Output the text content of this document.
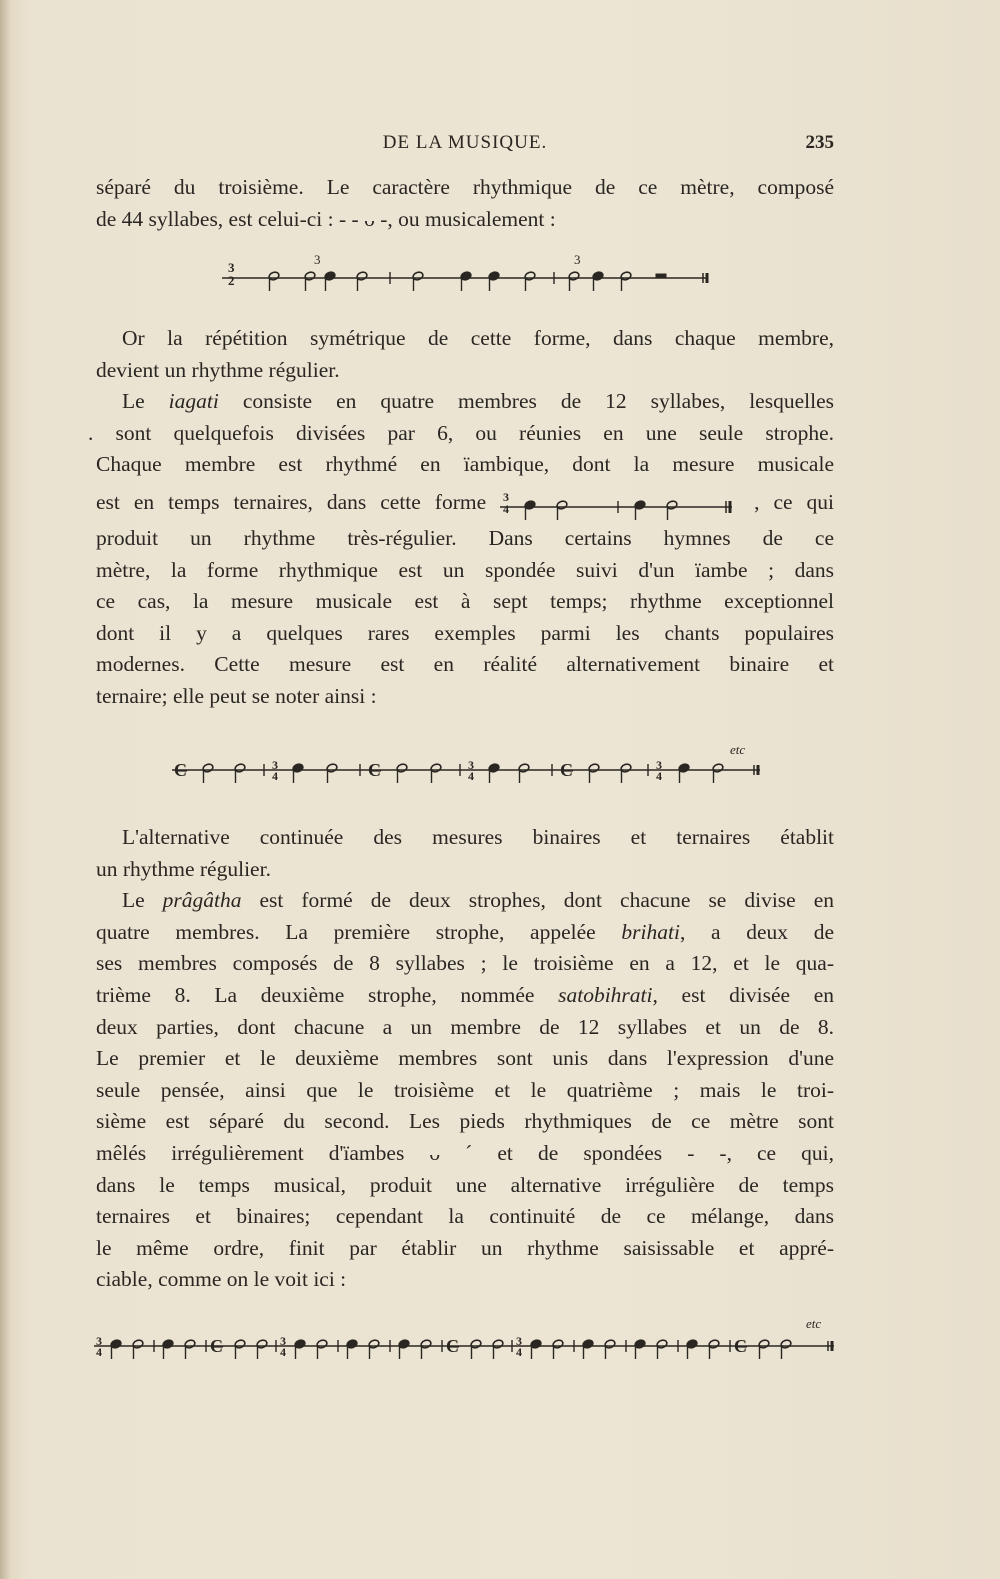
DE LA MUSIQUE.	235
séparé du troisième. Le caractère rhythmique de ce mètre, composé
de 44 syllabes, est celui-ci : - - ᴗ -, ou musicalement :
3
2
3	3
Or la répétition symétrique de cette forme, dans chaque membre,
devient un rhythme régulier.
Le iagati consiste en quatre membres de 12 syllabes, lesquelles
. sont quelquefois divisées par 6, ou réunies en une seule strophe.
Chaque membre est rhythmé en ïambique, dont la mesure musicale
est en temps ternaires, dans cette forme 3
4	, ce qui
produit un rhythme très-régulier. Dans certains hymnes de ce
mètre, la forme rhythmique est un spondée suivi d'un ïambe ; dans
ce cas, la mesure musicale est à sept temps; rhythme exceptionnel
dont il y a quelques rares exemples parmi les chants populaires
modernes. Cette mesure est en réalité alternativement binaire et
ternaire; elle peut se noter ainsi :
etc
C	3
4	C	3
4	C	3
4
L'alternative continuée des mesures binaires et ternaires établit
un rhythme régulier.
Le prâgâtha est formé de deux strophes, dont chacune se divise en
quatre membres. La première strophe, appelée brihati, a deux de
ses membres composés de 8 syllabes ; le troisième en a 12, et le qua-
trième 8. La deuxième strophe, nommée satobihrati, est divisée en
deux parties, dont chacune a un membre de 12 syllabes et un de 8.
Le premier et le deuxième membres sont unis dans l'expression d'une
seule pensée, ainsi que le troisième et le quatrième ; mais le troi-
sième est séparé du second. Les pieds rhythmiques de ce mètre sont
mêlés irrégulièrement d'ïambes ᴗ ´ et de spondées - -, ce qui,
dans le temps musical, produit une alternative irrégulière de temps
ternaires et binaires; cependant la continuité de ce mélange, dans
le même ordre, finit par établir un rhythme saisissable et appré-
ciable, comme on le voit ici :
etc
3
4	C	3
4	C	3
4	C
